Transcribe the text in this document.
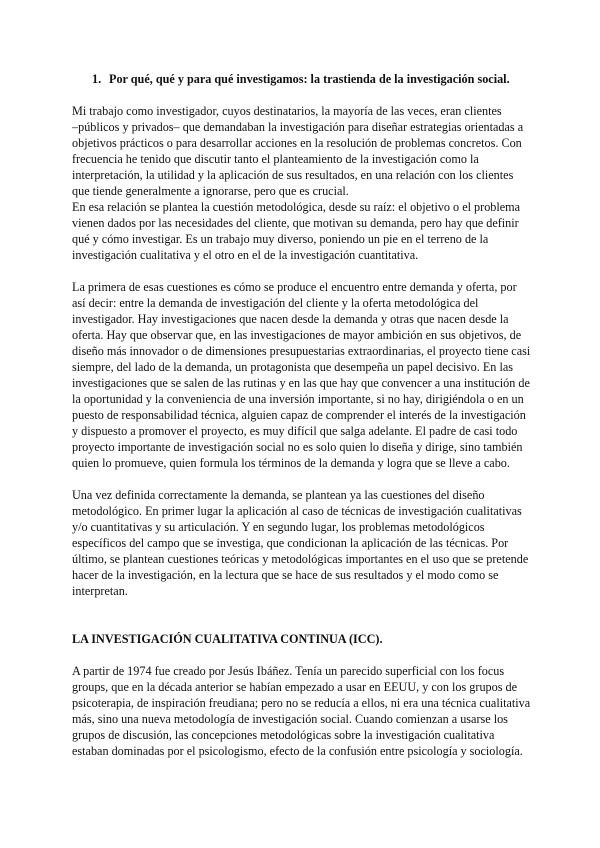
1. Por qué, qué y para qué investigamos: la trastienda de la investigación social.
Mi trabajo como investigador, cuyos destinatarios, la mayoría de las veces, eran clientes
–públicos y privados– que demandaban la investigación para diseñar estrategias orientadas a
objetivos prácticos o para desarrollar acciones en la resolución de problemas concretos. Con
frecuencia he tenido que discutir tanto el planteamiento de la investigación como la
interpretación, la utilidad y la aplicación de sus resultados, en una relación con los clientes
que tiende generalmente a ignorarse, pero que es crucial.
En esa relación se plantea la cuestión metodológica, desde su raíz: el objetivo o el problema
vienen dados por las necesidades del cliente, que motivan su demanda, pero hay que definir
qué y cómo investigar. Es un trabajo muy diverso, poniendo un pie en el terreno de la
investigación cualitativa y el otro en el de la investigación cuantitativa.
La primera de esas cuestiones es cómo se produce el encuentro entre demanda y oferta, por
así decir: entre la demanda de investigación del cliente y la oferta metodológica del
investigador. Hay investigaciones que nacen desde la demanda y otras que nacen desde la
oferta. Hay que observar que, en las investigaciones de mayor ambición en sus objetivos, de
diseño más innovador o de dimensiones presupuestarias extraordinarias, el proyecto tiene casi
siempre, del lado de la demanda, un protagonista que desempeña un papel decisivo. En las
investigaciones que se salen de las rutinas y en las que hay que convencer a una institución de
la oportunidad y la conveniencia de una inversión importante, si no hay, dirigiéndola o en un
puesto de responsabilidad técnica, alguien capaz de comprender el interés de la investigación
y dispuesto a promover el proyecto, es muy difícil que salga adelante. El padre de casi todo
proyecto importante de investigación social no es solo quien lo diseña y dirige, sino también
quien lo promueve, quien formula los términos de la demanda y logra que se lleve a cabo.
Una vez definida correctamente la demanda, se plantean ya las cuestiones del diseño
metodológico. En primer lugar la aplicación al caso de técnicas de investigación cualitativas
y/o cuantitativas y su articulación. Y en segundo lugar, los problemas metodológicos
específicos del campo que se investiga, que condicionan la aplicación de las técnicas. Por
último, se plantean cuestiones teóricas y metodológicas importantes en el uso que se pretende
hacer de la investigación, en la lectura que se hace de sus resultados y el modo como se
interpretan.
LA INVESTIGACIÓN CUALITATIVA CONTINUA (ICC).
A partir de 1974 fue creado por Jesús Ibáñez. Tenía un parecido superficial con los focus
groups, que en la década anterior se habían empezado a usar en EEUU, y con los grupos de
psicoterapia, de inspiración freudiana; pero no se reducía a ellos, ni era una técnica cualitativa
más, sino una nueva metodología de investigación social. Cuando comienzan a usarse los
grupos de discusión, las concepciones metodológicas sobre la investigación cualitativa
estaban dominadas por el psicologismo, efecto de la confusión entre psicología y sociología.
